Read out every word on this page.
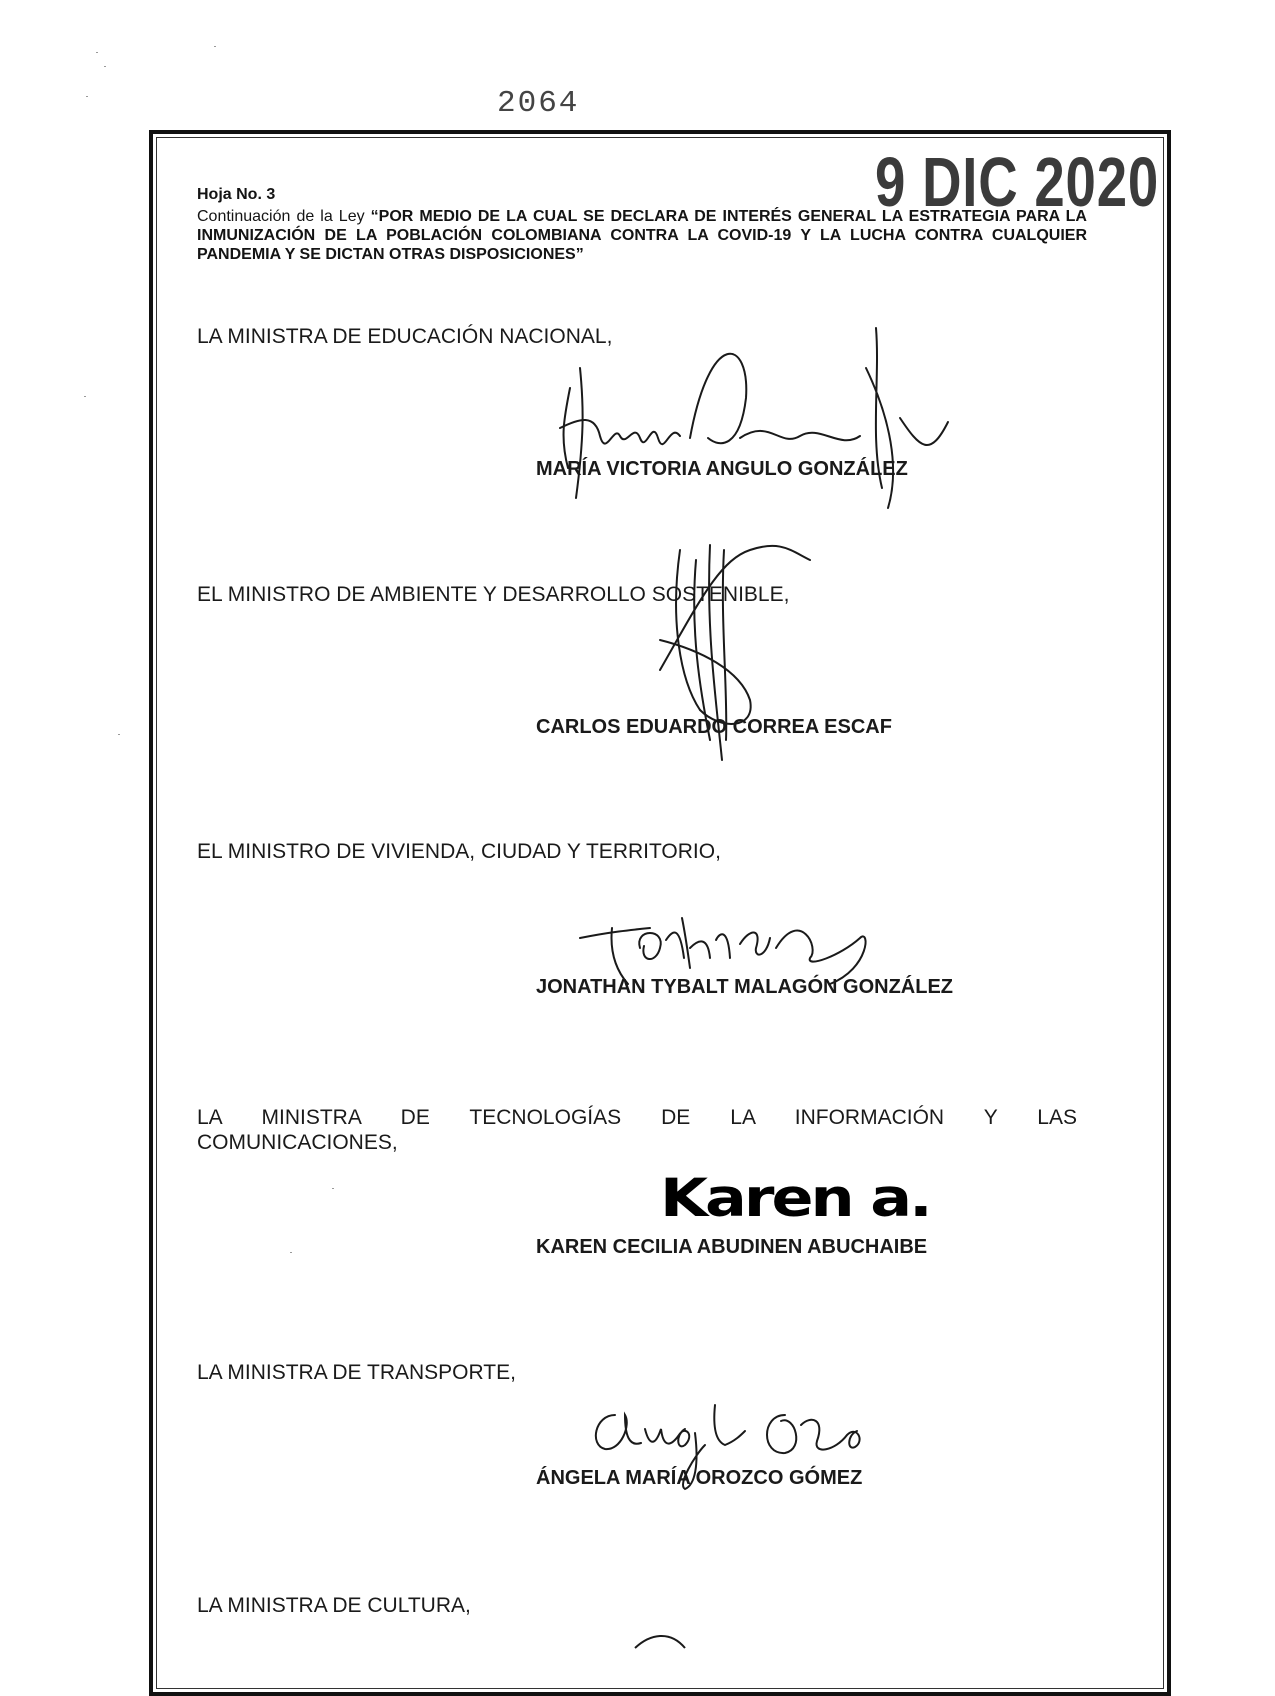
2064
9 DIC 2020
Hoja No. 3
Continuación de la Ley “POR MEDIO DE LA CUAL SE DECLARA DE INTERÉS GENERAL LA ESTRATEGIA PARA LA INMUNIZACIÓN DE LA POBLACIÓN COLOMBIANA CONTRA LA COVID-19 Y LA LUCHA CONTRA CUALQUIER PANDEMIA Y SE DICTAN OTRAS DISPOSICIONES”
LA MINISTRA DE EDUCACIÓN NACIONAL,
MARÍA VICTORIA ANGULO GONZÁLEZ
EL MINISTRO DE AMBIENTE Y DESARROLLO SOSTENIBLE,
CARLOS EDUARDO CORREA ESCAF
EL MINISTRO DE VIVIENDA, CIUDAD Y TERRITORIO,
JONATHAN TYBALT MALAGÓN GONZÁLEZ
LA MINISTRA DE TECNOLOGÍAS DE LA INFORMACIÓN Y LAS
COMUNICACIONES,
KAREN CECILIA ABUDINEN ABUCHAIBE
Karen a.
LA MINISTRA DE TRANSPORTE,
ÁNGELA MARÍA OROZCO GÓMEZ
LA MINISTRA DE CULTURA,
